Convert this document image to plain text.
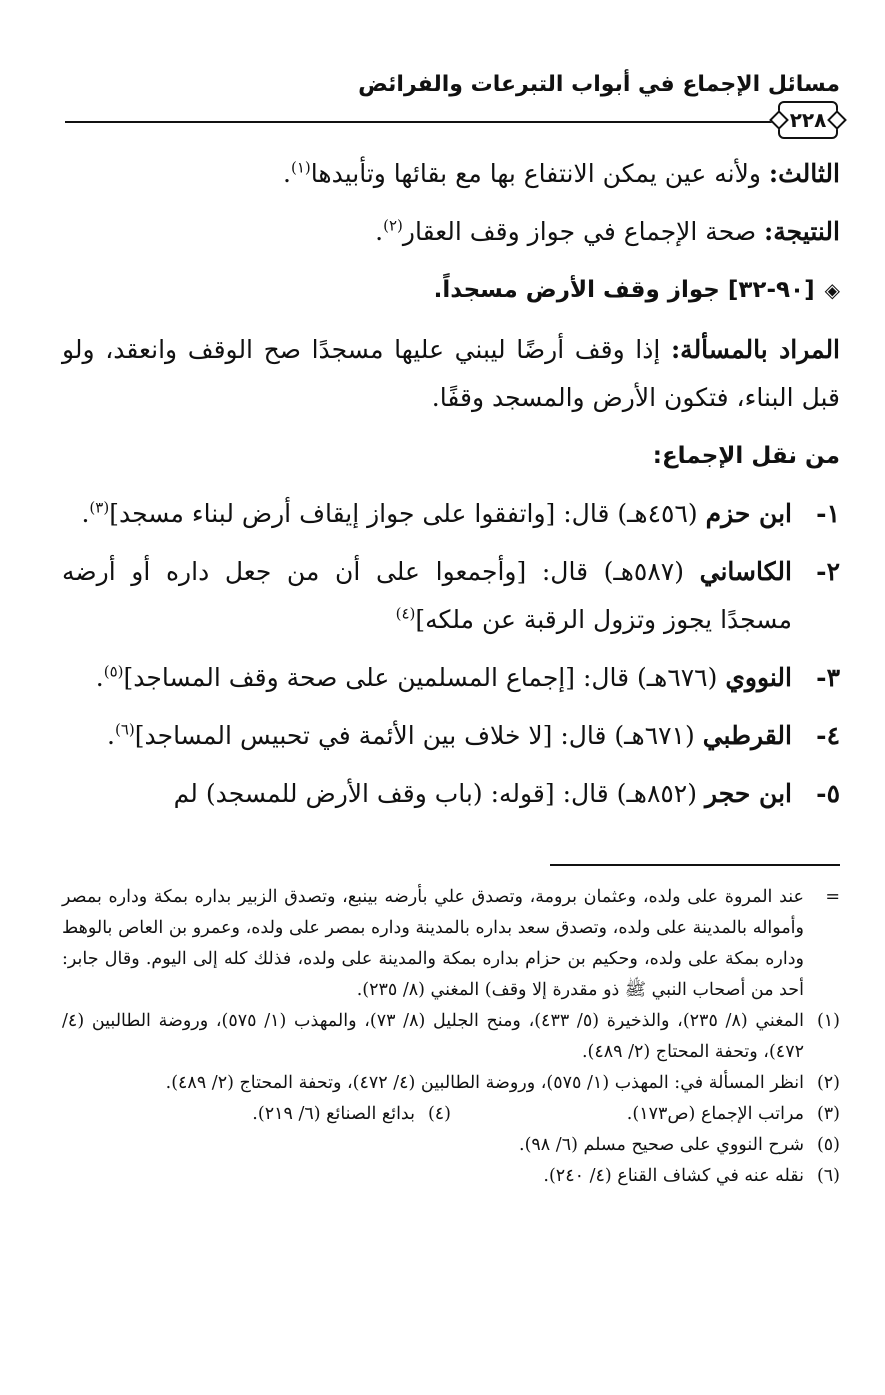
مسائل الإجماع في أبواب التبرعات والفرائض
٢٢٨

الثالث: ولأنه عين يمكن الانتفاع بها مع بقائها وتأبيدها$^{(١)}$.

النتيجة: صحة الإجماع في جواز وقف العقار$^{(٢)}$.

◈[٩٠-٣٢] جواز وقف الأرض مسجداً.

المراد بالمسألة: إذا وقف أرضًا ليبني عليها مسجدًا صح الوقف وانعقد، ولو قبل البناء، فتكون الأرض والمسجد وقفًا.

من نقل الإجماع:
١-
ابن حزم (٤٥٦هـ) قال: [واتفقوا على جواز إيقاف أرض لبناء مسجد]$^{(٣)}$.
٢-
الكاساني (٥٨٧هـ) قال: [وأجمعوا على أن من جعل داره أو أرضه مسجدًا يجوز وتزول الرقبة عن ملكه]$^{(٤)}$
٣-
النووي (٦٧٦هـ) قال: [إجماع المسلمين على صحة وقف المساجد]$^{(٥)}$.
٤-
القرطبي (٦٧١هـ) قال: [لا خلاف بين الأئمة في تحبيس المساجد]$^{(٦)}$.
٥-
ابن حجر (٨٥٢هـ) قال: [قوله: (باب وقف الأرض للمسجد) لم
=
عند المروة على ولده، وعثمان برومة، وتصدق علي بأرضه بينبع، وتصدق الزبير بداره بمكة وداره بمصر وأمواله بالمدينة على ولده، وتصدق سعد بداره بالمدينة وداره بمصر على ولده، وعمرو بن العاص بالوهط وداره بمكة على ولده، وحكيم بن حزام بداره بمكة والمدينة على ولده، فذلك كله إلى اليوم. وقال جابر: أحد من أصحاب النبي ﷺ ذو مقدرة إلا وقف) المغني (٨/ ٢٣٥).
(١)
المغني (٨/ ٢٣٥)، والذخيرة (٥/ ٤٣٣)، ومنح الجليل (٨/ ٧٣)، والمهذب (١/ ٥٧٥)، وروضة الطالبين (٤/ ٤٧٢)، وتحفة المحتاج (٢/ ٤٨٩).
(٢)
انظر المسألة في: المهذب (١/ ٥٧٥)، وروضة الطالبين (٤/ ٤٧٢)، وتحفة المحتاج (٢/ ٤٨٩).
(٣)
مراتب الإجماع (ص١٧٣).
(٤)
بدائع الصنائع (٦/ ٢١٩).
(٥)
شرح النووي على صحيح مسلم (٦/ ٩٨).
(٦)
نقله عنه في كشاف القناع (٤/ ٢٤٠).
